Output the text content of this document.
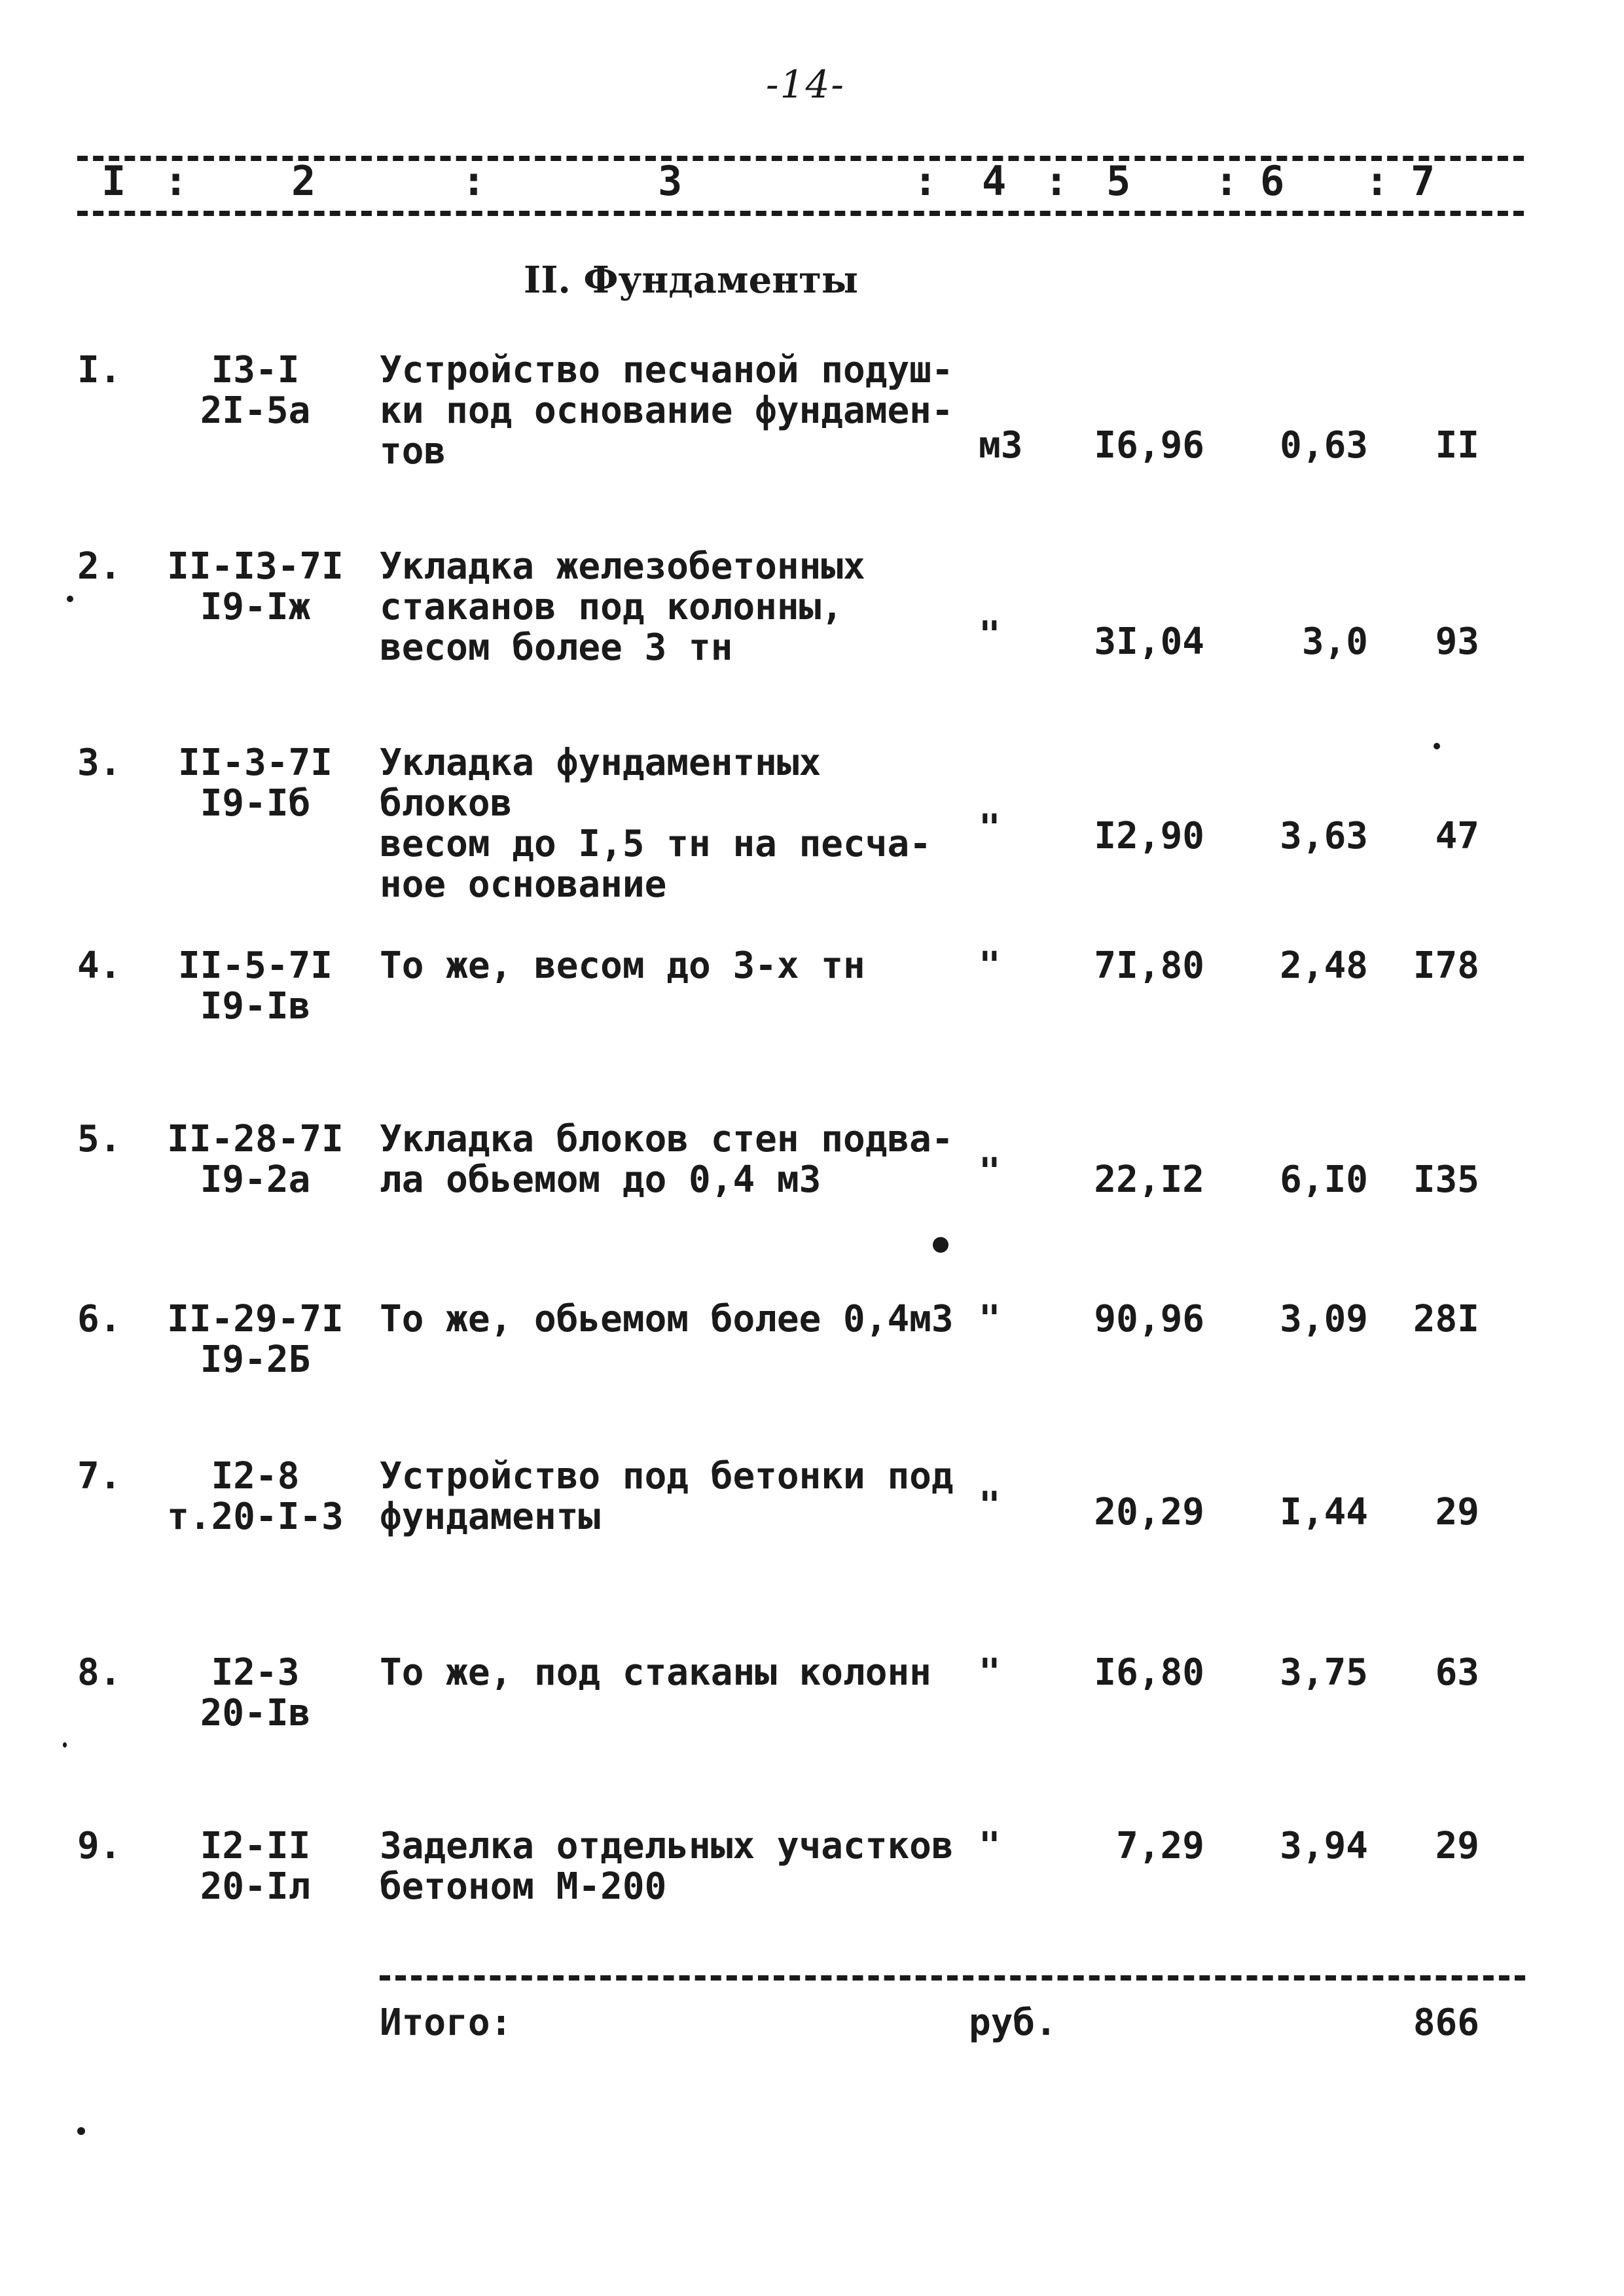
-14-
I :	2	:	3	: 4 : 5 : 6 : 7
II. Фундаменты
I.	I3-I
2I-5a
Устройство песчаной подуш-
ки под основание фундамен-
тов	м3	I6,96	0,63	II
2. II-I3-7I
I9-Iж
Укладка железобетонных
стаканов под колонны,
весом более 3 тн	"	3I,04	3,0	93
3.	II-3-7I
I9-Iб
Укладка фундаментных блоков
весом до I,5 тн на песча-
ное основание
"	I2,90	3,63	47
4.	II-5-7I
I9-Iв
То же, весом до 3-х тн	"	7I,80	2,48	I78
5. II-28-7I
I9-2a
Укладка блоков стен подва-
ла обьемом до 0,4 м3	"	22,I2	6,I0	I35
6. II-29-7I
I9-2Б
То же, обьемом более 0,4м3 "	90,96	3,09	28I
7.	I2-8
т.20-I-3
Устройство под бетонки под
фундаменты	"	20,29	I,44	29
8.	I2-3
20-Iв
То же, под стаканы колонн	"	I6,80	3,75	63
9.	I2-II
20-Iл
Заделка отдельных участков
бетоном М-200
"	7,29	3,94	29
Итого:	руб.	866
